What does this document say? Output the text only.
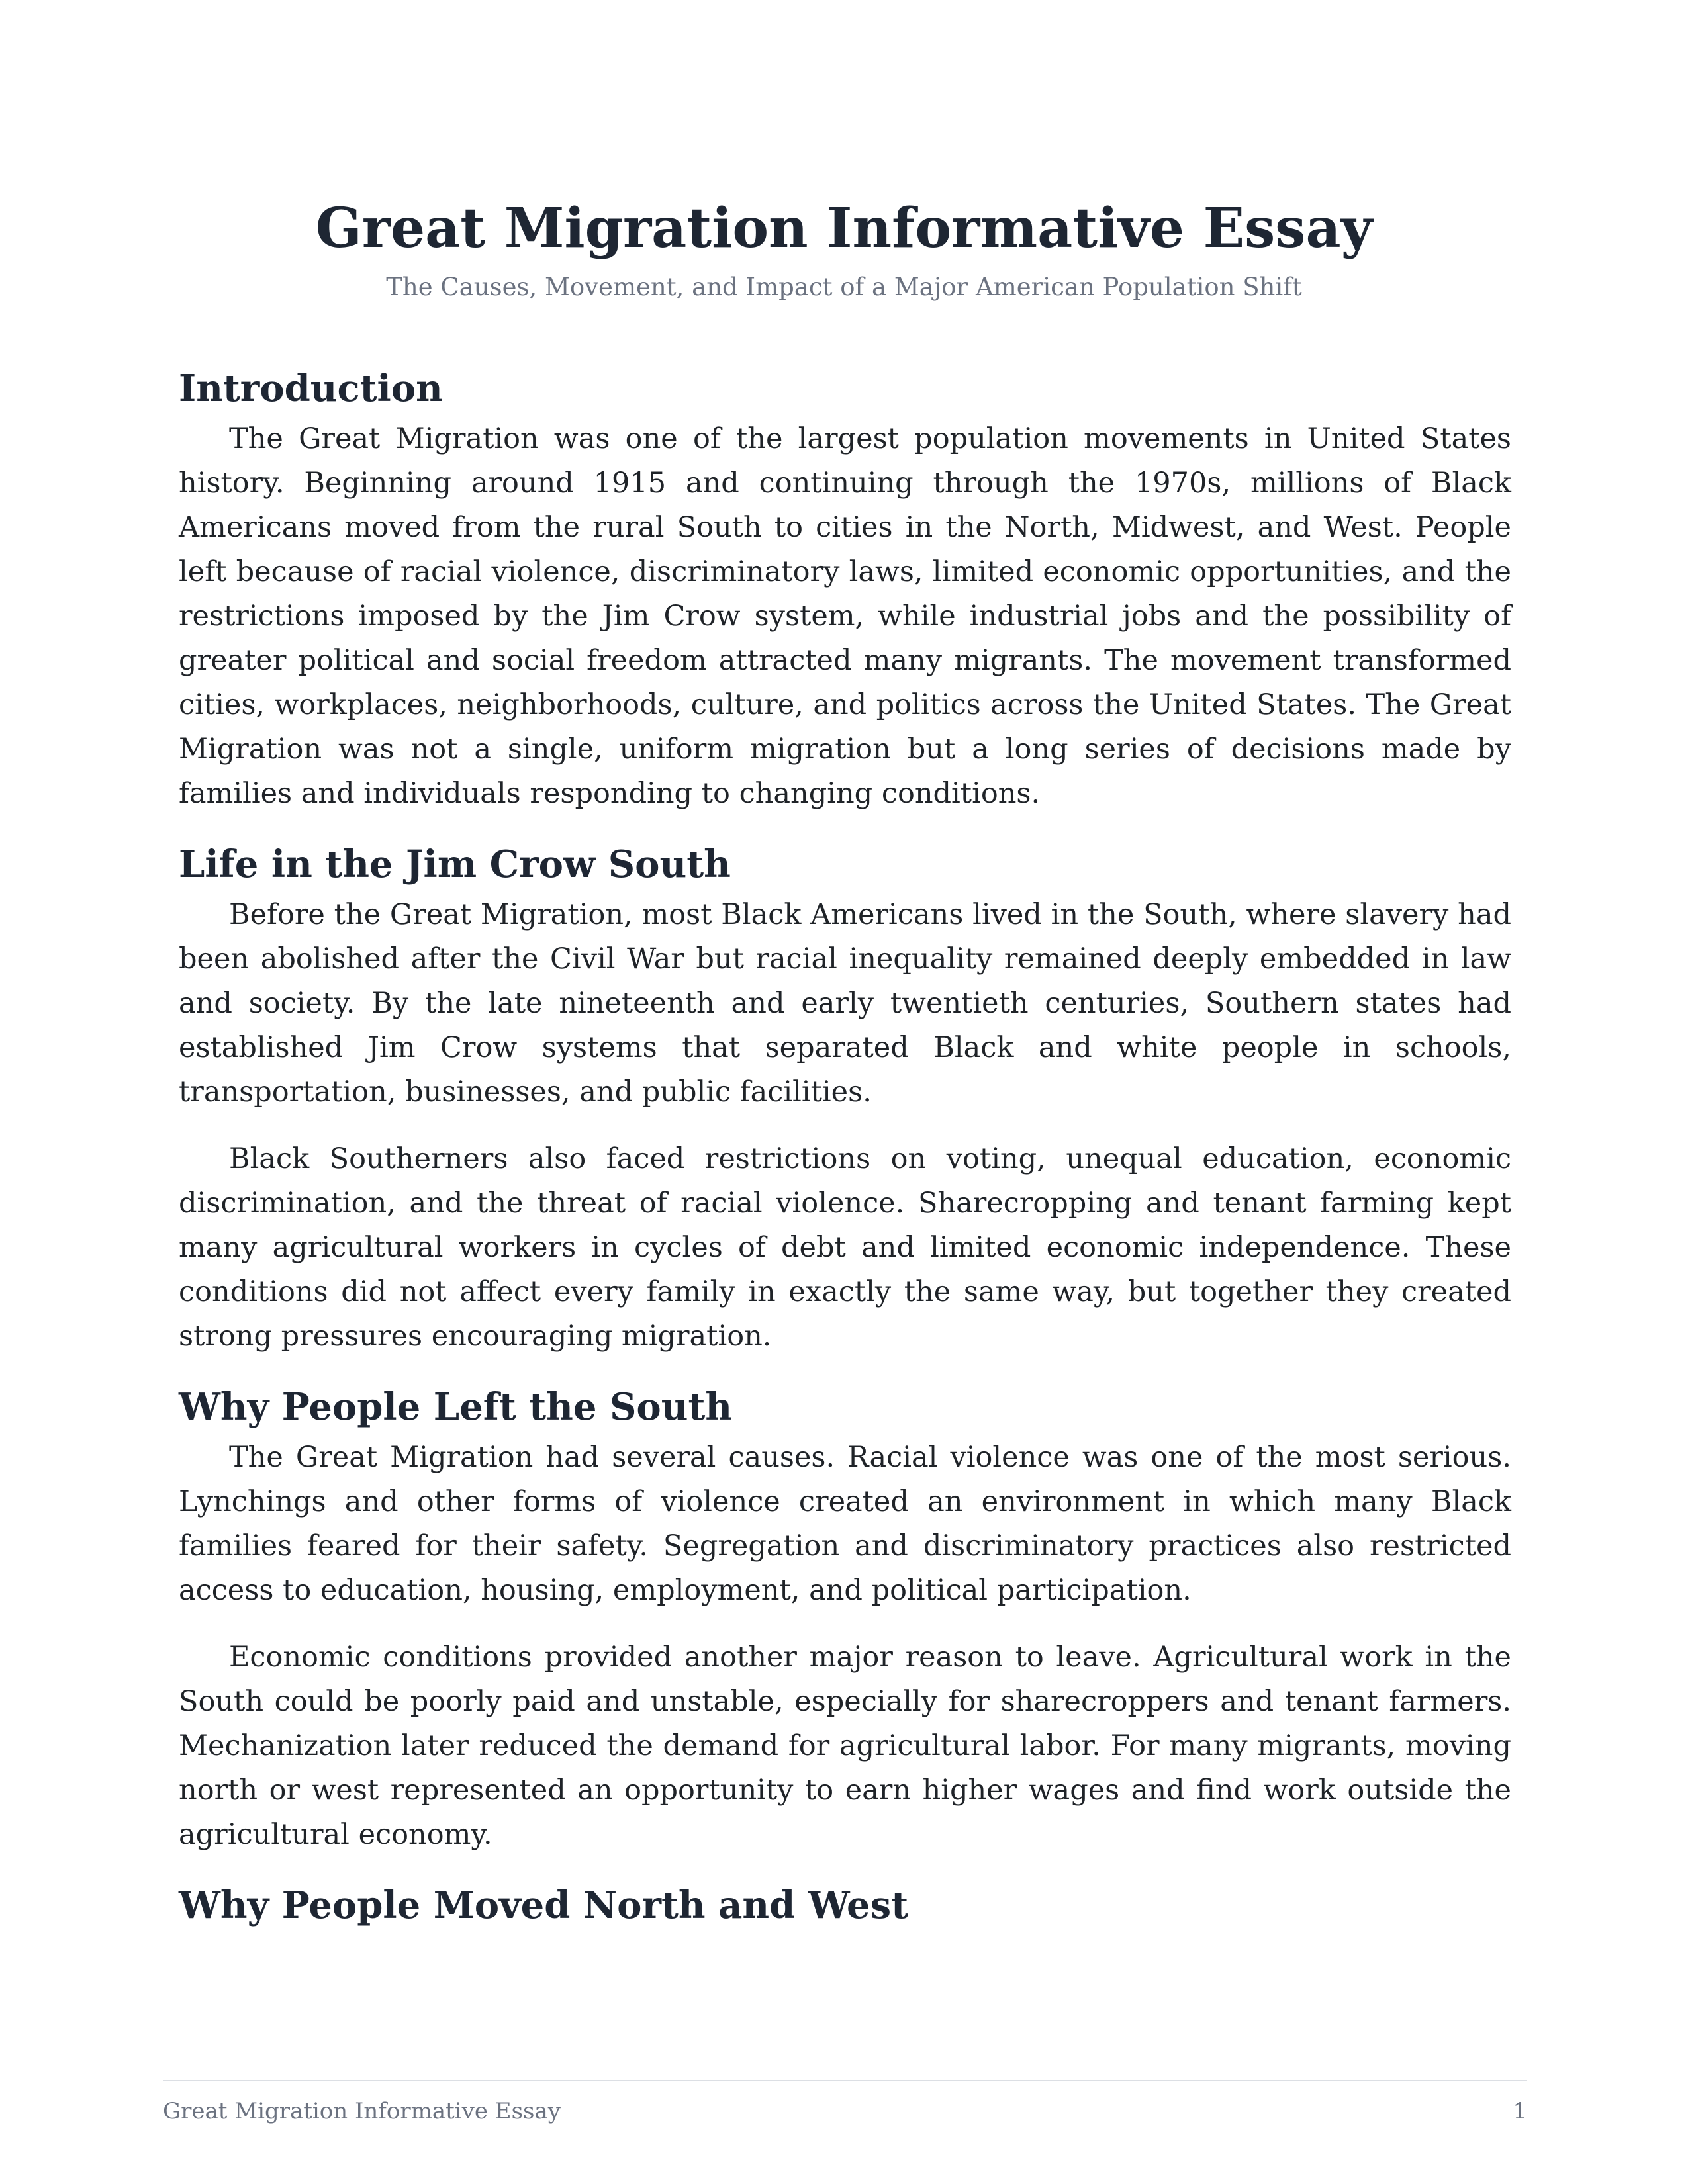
Great Migration Informative Essay
The Causes, Movement, and Impact of a Major American Population Shift
Introduction

The Great Migration was one of the largest population movements in United States history. Beginning around 1915 and continuing through the 1970s, millions of Black Americans moved from the rural South to cities in the North, Midwest, and West. People left because of racial violence, discriminatory laws, limited economic opportunities, and the restrictions imposed by the Jim Crow system, while industrial jobs and the possibility of greater political and social freedom attracted many migrants. The movement transformed cities, workplaces, neighborhoods, culture, and politics across the United States. The Great Migration was not a single, uniform migration but a long series of decisions made by families and individuals responding to changing conditions.

Life in the Jim Crow South

Before the Great Migration, most Black Americans lived in the South, where slavery had been abolished after the Civil War but racial inequality remained deeply embedded in law and society. By the late nineteenth and early twentieth centuries, Southern states had established Jim Crow systems that separated Black and white people in schools, transportation, businesses, and public facilities.

Black Southerners also faced restrictions on voting, unequal education, economic discrimination, and the threat of racial violence. Sharecropping and tenant farming kept many agricultural workers in cycles of debt and limited economic independence. These conditions did not affect every family in exactly the same way, but together they created strong pressures encouraging migration.

Why People Left the South

The Great Migration had several causes. Racial violence was one of the most serious. Lynchings and other forms of violence created an environment in which many Black families feared for their safety. Segregation and discriminatory practices also restricted access to education, housing, employment, and political participation.

Economic conditions provided another major reason to leave. Agricultural work in the South could be poorly paid and unstable, especially for sharecroppers and tenant farmers. Mechanization later reduced the demand for agricultural labor. For many migrants, moving north or west represented an opportunity to earn higher wages and find work outside the agricultural economy.

Why People Moved North and West
Great Migration Informative Essay	1
